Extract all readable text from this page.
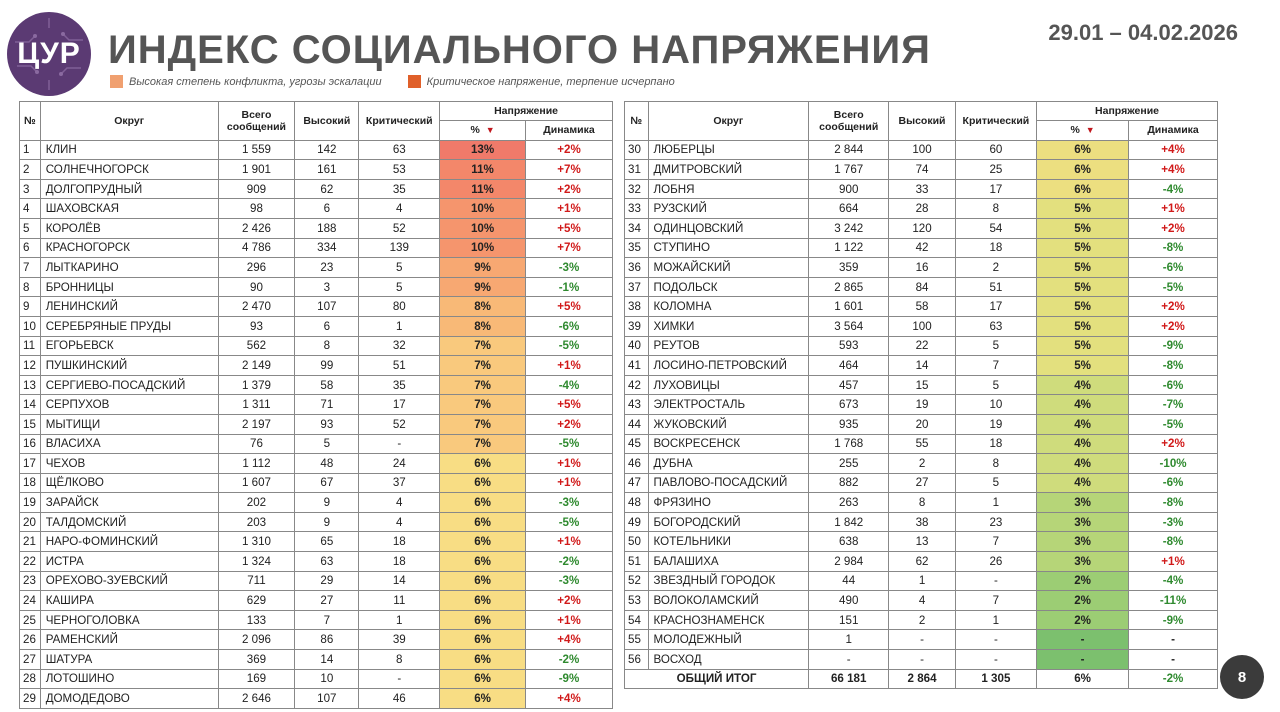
ЦУР ИНДЕКС СОЦИАЛЬНОГО НАПРЯЖЕНИЯ	29.01 – 04.02.2026
Высокая степень конфликта, угрозы эскалации	Критическое напряжение, терпение исчерпано
№	Округ	Всего сообщений	Высокий	Критический	Напряжение	
					% ▼	Динамика
1	КЛИН	1 559	142	63	13%	+2%
2	СОЛНЕЧНОГОРСК	1 901	161	53	11%	+7%
3	ДОЛГОПРУДНЫЙ	909	62	35	11%	+2%
4	ШАХОВСКАЯ	98	6	4	10%	+1%
5	КОРОЛЁВ	2 426	188	52	10%	+5%
6	КРАСНОГОРСК	4 786	334	139	10%	+7%
7	ЛЫТКАРИНО	296	23	5	9%	-3%
8	БРОННИЦЫ	90	3	5	9%	-1%
9	ЛЕНИНСКИЙ	2 470	107	80	8%	+5%
10	СЕРЕБРЯНЫЕ ПРУДЫ	93	6	1	8%	-6%
11	ЕГОРЬЕВСК	562	8	32	7%	-5%
12	ПУШКИНСКИЙ	2 149	99	51	7%	+1%
13	СЕРГИЕВО-ПОСАДСКИЙ	1 379	58	35	7%	-4%
14	СЕРПУХОВ	1 311	71	17	7%	+5%
15	МЫТИЩИ	2 197	93	52	7%	+2%
16	ВЛАСИХА	76	5	-	7%	-5%
17	ЧЕХОВ	1 112	48	24	6%	+1%
18	ЩЁЛКОВО	1 607	67	37	6%	+1%
19	ЗАРАЙСК	202	9	4	6%	-3%
20	ТАЛДОМСКИЙ	203	9	4	6%	-5%
21	НАРО-ФОМИНСКИЙ	1 310	65	18	6%	+1%
22	ИСТРА	1 324	63	18	6%	-2%
23	ОРЕХОВО-ЗУЕВСКИЙ	711	29	14	6%	-3%
24	КАШИРА	629	27	11	6%	+2%
25	ЧЕРНОГОЛОВКА	133	7	1	6%	+1%
26	РАМЕНСКИЙ	2 096	86	39	6%	+4%
27	ШАТУРА	369	14	8	6%	-2%
28	ЛОТОШИНО	169	10	-	6%	-9%
29	ДОМОДЕДОВО	2 646	107	46	6%	+4%
№	Округ	Всего сообщений	Высокий	Критический	Напряжение	
					% ▼	Динамика
30	ЛЮБЕРЦЫ	2 844	100	60	6%	+4%
31	ДМИТРОВСКИЙ	1 767	74	25	6%	+4%
32	ЛОБНЯ	900	33	17	6%	-4%
33	РУЗСКИЙ	664	28	8	5%	+1%
34	ОДИНЦОВСКИЙ	3 242	120	54	5%	+2%
35	СТУПИНО	1 122	42	18	5%	-8%
36	МОЖАЙСКИЙ	359	16	2	5%	-6%
37	ПОДОЛЬСК	2 865	84	51	5%	-5%
38	КОЛОМНА	1 601	58	17	5%	+2%
39	ХИМКИ	3 564	100	63	5%	+2%
40	РЕУТОВ	593	22	5	5%	-9%
41	ЛОСИНО-ПЕТРОВСКИЙ	464	14	7	5%	-8%
42	ЛУХОВИЦЫ	457	15	5	4%	-6%
43	ЭЛЕКТРОСТАЛЬ	673	19	10	4%	-7%
44	ЖУКОВСКИЙ	935	20	19	4%	-5%
45	ВОСКРЕСЕНСК	1 768	55	18	4%	+2%
46	ДУБНА	255	2	8	4%	-10%
47	ПАВЛОВО-ПОСАДСКИЙ	882	27	5	4%	-6%
48	ФРЯЗИНО	263	8	1	3%	-8%
49	БОГОРОДСКИЙ	1 842	38	23	3%	-3%
50	КОТЕЛЬНИКИ	638	13	7	3%	-8%
51	БАЛАШИХА	2 984	62	26	3%	+1%
52	ЗВЕЗДНЫЙ ГОРОДОК	44	1	-	2%	-4%
53	ВОЛОКОЛАМСКИЙ	490	4	7	2%	-11%
54	КРАСНОЗНАМЕНСК	151	2	1	2%	-9%
55	МОЛОДЕЖНЫЙ	1	-	-	-	-
56	ВОСХОД	-	-	-	-	-
ОБЩИЙ ИТОГ		66 181	2 864	1 305	6%	-2%	8
